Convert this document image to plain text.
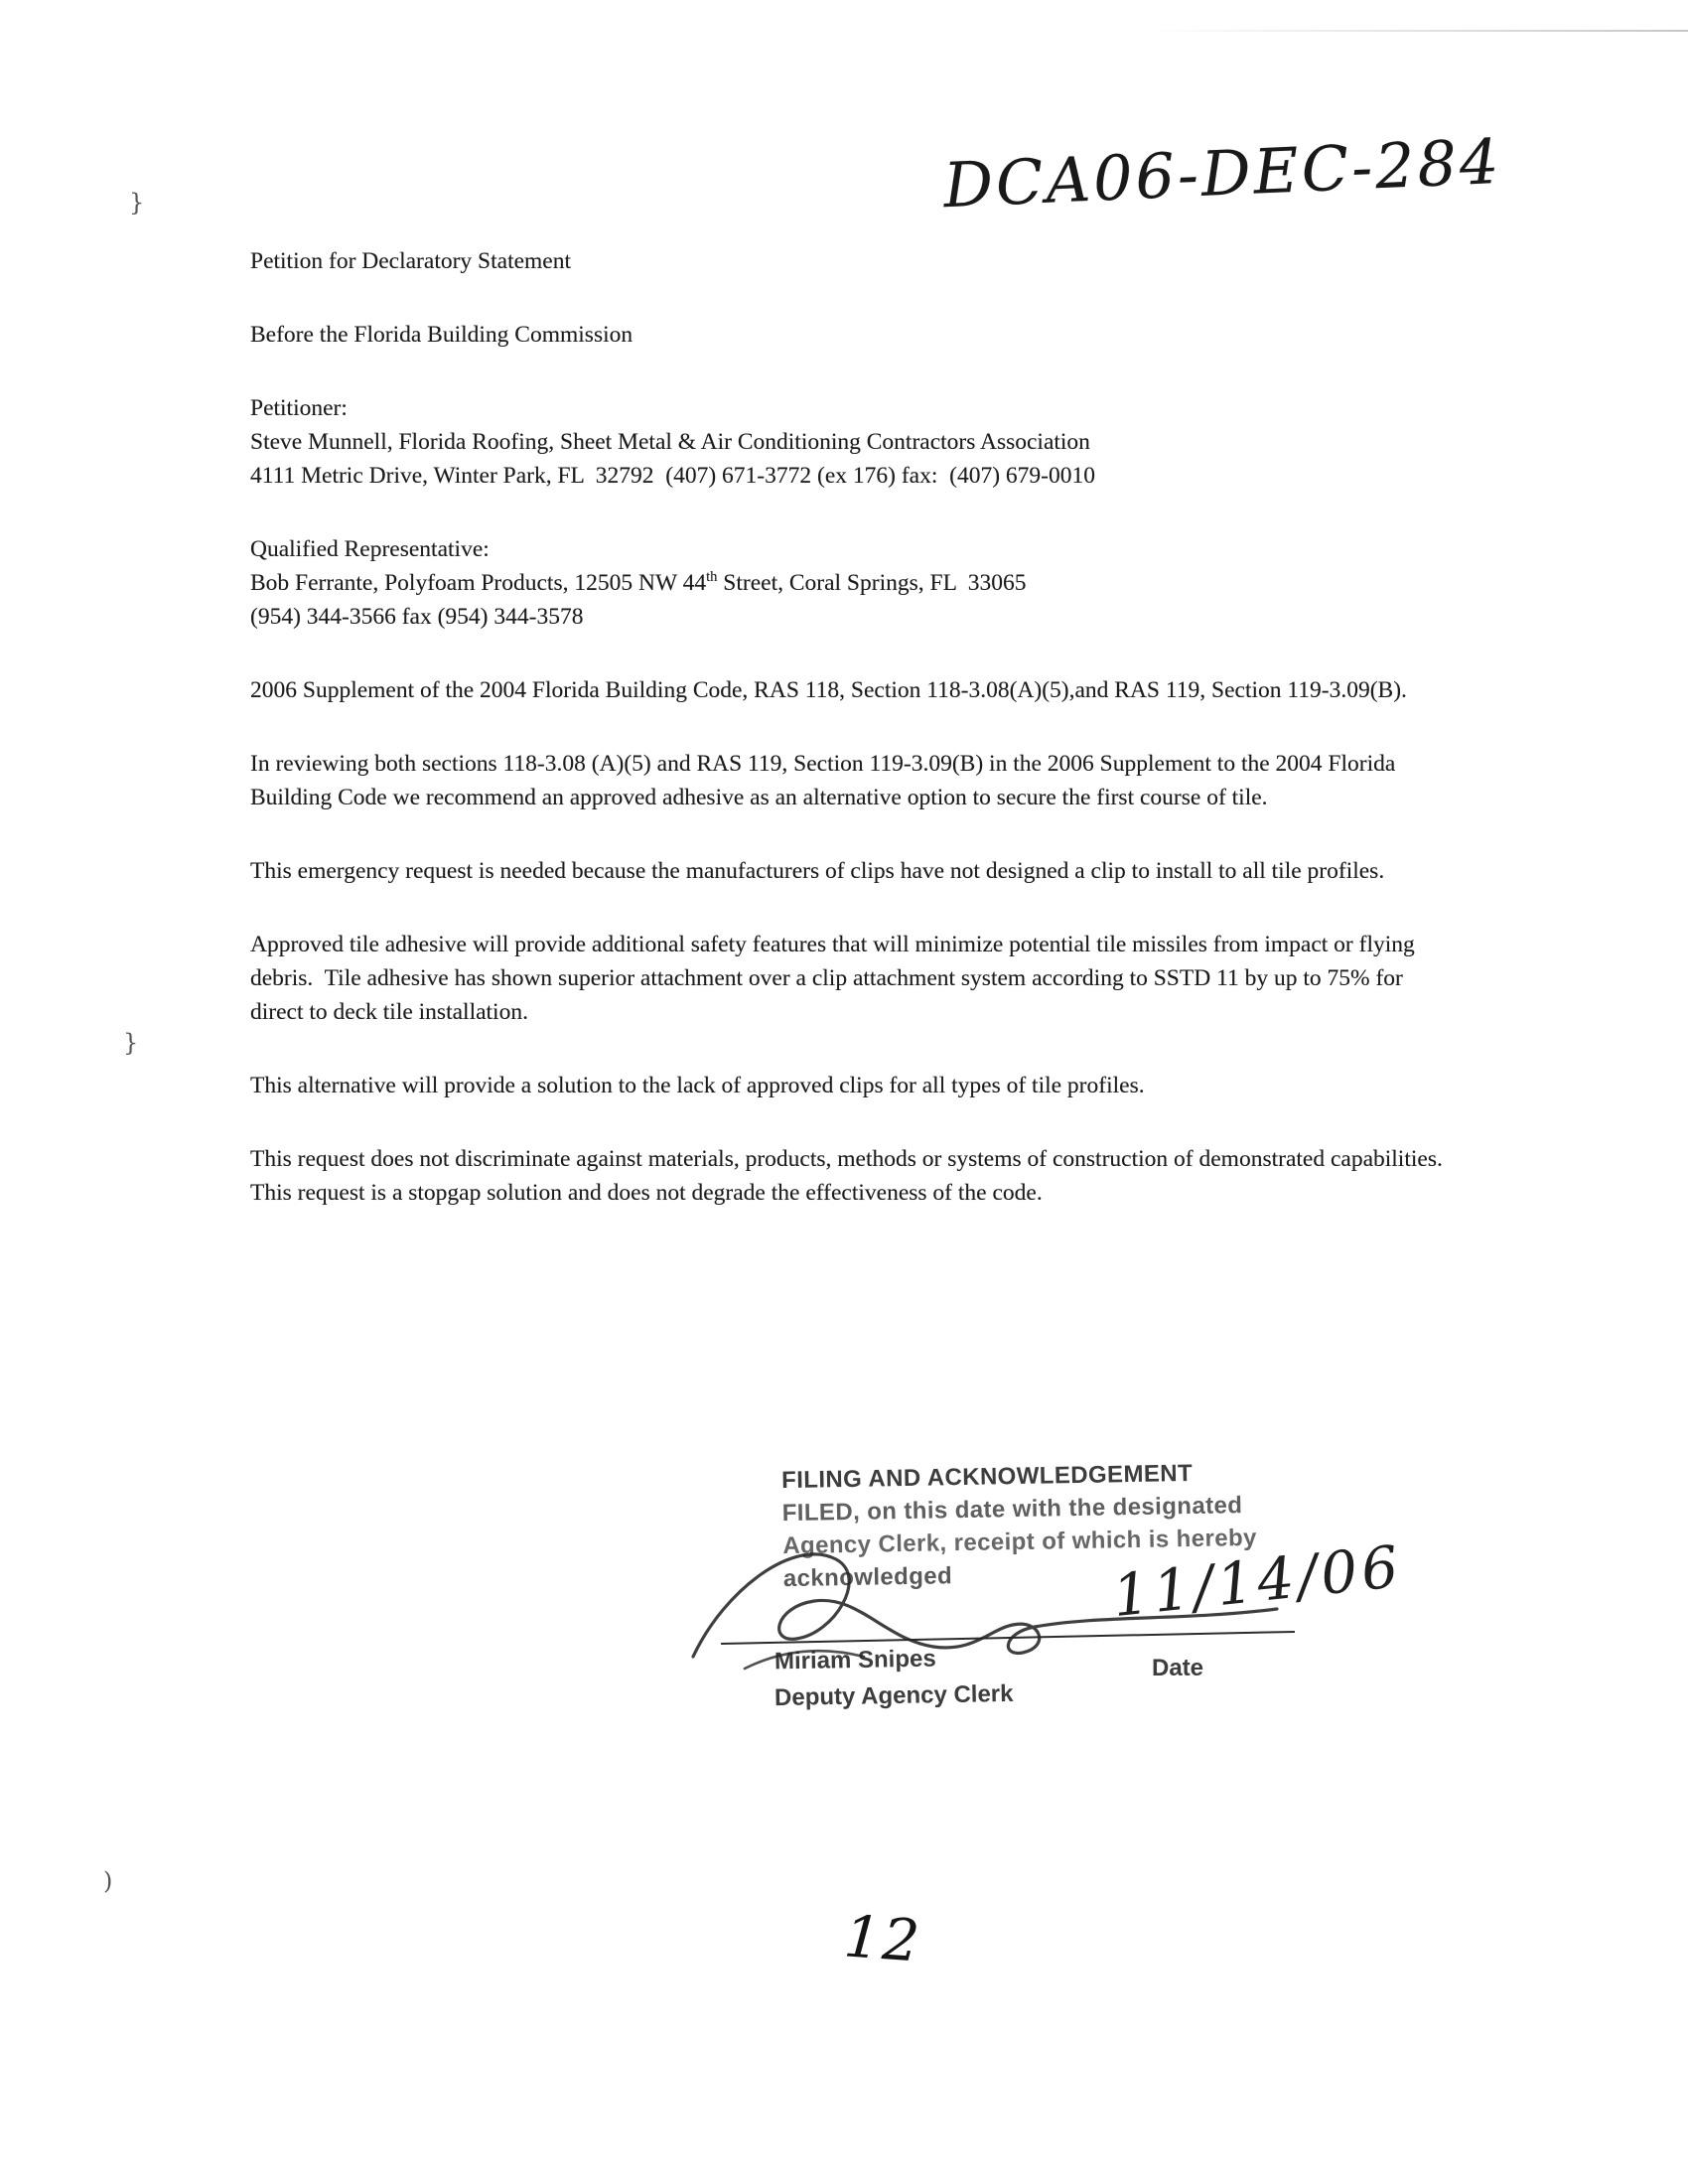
}
}
)
DCA06-DEC-284

Petition for Declaratory Statement

Before the Florida Building Commission

Petitioner:

Steve Munnell, Florida Roofing, Sheet Metal & Air Conditioning Contractors Association

4111 Metric Drive, Winter Park, FL  32792  (407) 671-3772 (ex 176) fax:  (407) 679-0010

Qualified Representative:

Bob Ferrante, Polyfoam Products, 12505 NW 44th Street, Coral Springs, FL  33065

(954) 344-3566 fax (954) 344-3578

2006 Supplement of the 2004 Florida Building Code, RAS 118, Section 118-3.08(A)(5),and RAS 119, Section 119-3.09(B).

In reviewing both sections 118-3.08 (A)(5) and RAS 119, Section 119-3.09(B) in the 2006 Supplement to the 2004 Florida Building Code we recommend an approved adhesive as an alternative option to secure the first course of tile.

This emergency request is needed because the manufacturers of clips have not designed a clip to install to all tile profiles.

Approved tile adhesive will provide additional safety features that will minimize potential tile missiles from impact or flying debris.  Tile adhesive has shown superior attachment over a clip attachment system according to SSTD 11 by up to 75% for direct to deck tile installation.

This alternative will provide a solution to the lack of approved clips for all types of tile profiles.

This request does not discriminate against materials, products, methods or systems of construction of demonstrated capabilities.  This request is a stopgap solution and does not degrade the effectiveness of the code.

FILING AND ACKNOWLEDGEMENT
FILED, on this date with the designated
Agency Clerk, receipt of which is hereby
acknowledged
Miriam Snipes
Deputy Agency Clerk
Date
11/14/06
12
